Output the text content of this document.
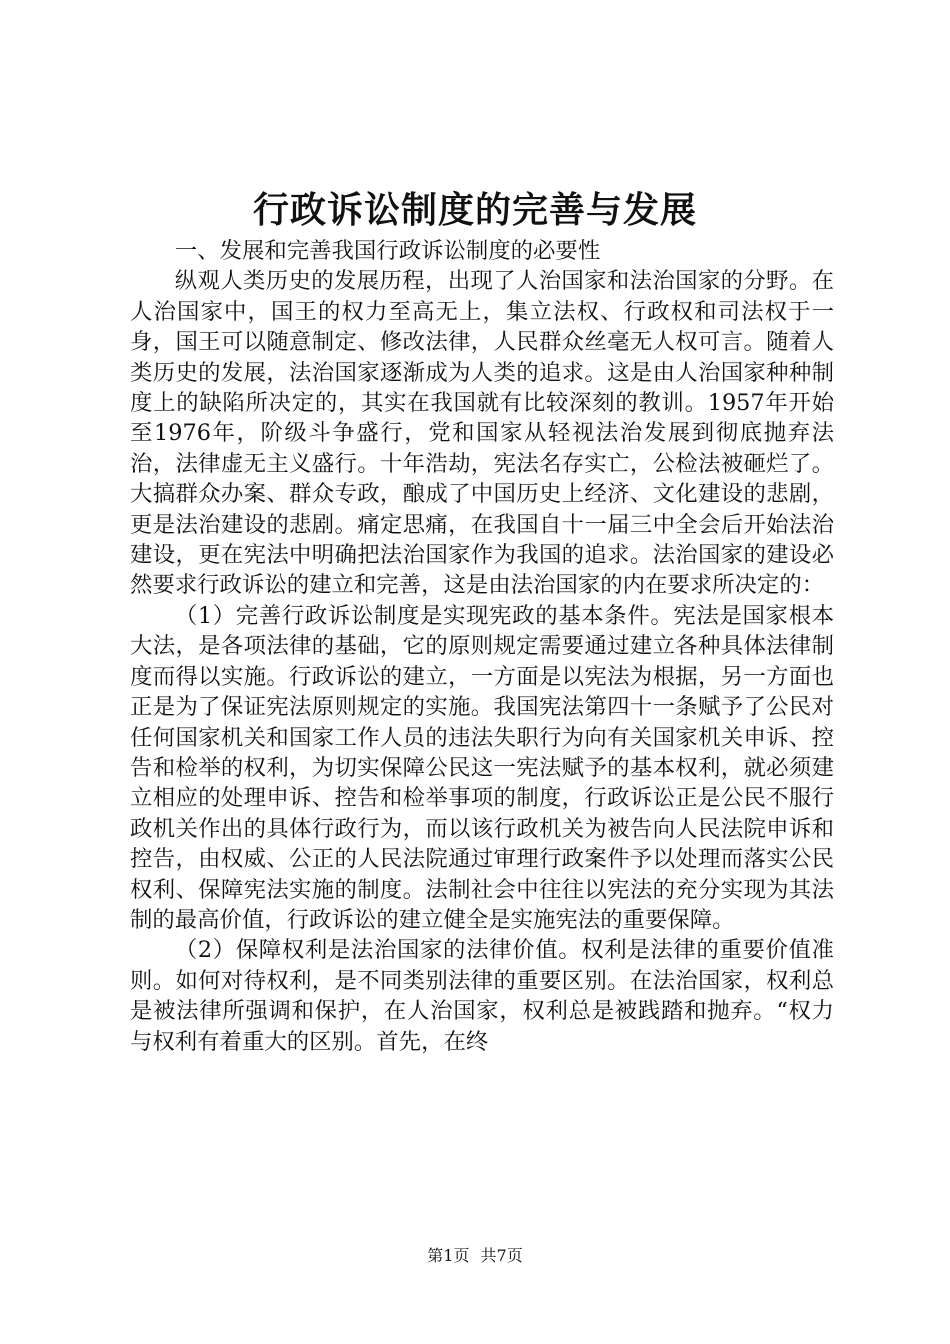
行政诉讼制度的完善与发展

一、发展和完善我国行政诉讼制度的必要性

纵观人类历史的发展历程，出现了人治国家和法治国家的分野。在人治国家中，国王的权力至高无上，集立法权、行政权和司法权于一身，国王可以随意制定、修改法律，人民群众丝毫无人权可言。随着人类历史的发展，法治国家逐渐成为人类的追求。这是由人治国家种种制度上的缺陷所决定的，其实在我国就有比较深刻的教训。1957年开始至1976年，阶级斗争盛行，党和国家从轻视法治发展到彻底抛弃法治，法律虚无主义盛行。十年浩劫，宪法名存实亡，公检法被砸烂了。大搞群众办案、群众专政，酿成了中国历史上经济、文化建设的悲剧，更是法治建设的悲剧。痛定思痛，在我国自十一届三中全会后开始法治建设，更在宪法中明确把法治国家作为我国的追求。法治国家的建设必然要求行政诉讼的建立和完善，这是由法治国家的内在要求所决定的：

（1）完善行政诉讼制度是实现宪政的基本条件。宪法是国家根本大法，是各项法律的基础，它的原则规定需要通过建立各种具体法律制度而得以实施。行政诉讼的建立，一方面是以宪法为根据，另一方面也正是为了保证宪法原则规定的实施。我国宪法第四十一条赋予了公民对任何国家机关和国家工作人员的违法失职行为向有关国家机关申诉、控告和检举的权利，为切实保障公民这一宪法赋予的基本权利，就必须建立相应的处理申诉、控告和检举事项的制度，行政诉讼正是公民不服行政机关作出的具体行政行为，而以该行政机关为被告向人民法院申诉和控告，由权威、公正的人民法院通过审理行政案件予以处理而落实公民权利、保障宪法实施的制度。法制社会中往往以宪法的充分实现为其法制的最高价值，行政诉讼的建立健全是实施宪法的重要保障。

（2）保障权利是法治国家的法律价值。权利是法律的重要价值准则。如何对待权利，是不同类别法律的重要区别。在法治国家，权利总是被法律所强调和保护，在人治国家，权利总是被践踏和抛弃。“权力与权利有着重大的区别。首先，在终

第1页 共7页
